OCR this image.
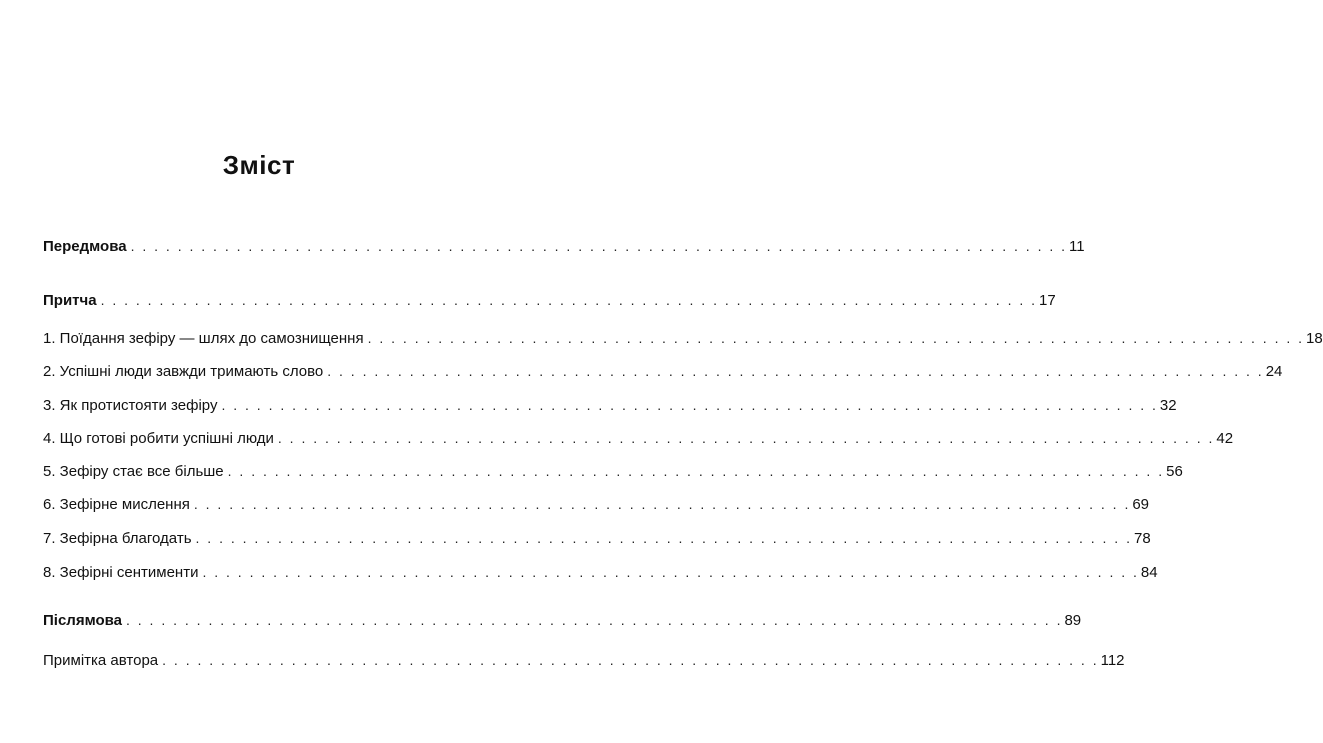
Зміст
Передмова . . . . . . . . . . . . . . . . . . . . . . . . . . . . . . . . . . . . . . . . . . . . . . . . . . . . . . . . . . . . . . . . . . . . . . . . . . . . . . . . 11
Притча . . . . . . . . . . . . . . . . . . . . . . . . . . . . . . . . . . . . . . . . . . . . . . . . . . . . . . . . . . . . . . . . . . . . . . . . . . . . . . . . 17
1. Поїдання зефіру — шлях до самознищення . . . . . . . . . . . . . . . . . . . . . . . . . . . . . . . . . . . . . . . . . . . . . . . . . . . . . . . . . . . . . . . . . . . . . . . . . . . . . . . . 18
2. Успішні люди завжди тримають слово . . . . . . . . . . . . . . . . . . . . . . . . . . . . . . . . . . . . . . . . . . . . . . . . . . . . . . . . . . . . . . . . . . . . . . . . . . . . . . . . 24
3. Як протистояти зефіру . . . . . . . . . . . . . . . . . . . . . . . . . . . . . . . . . . . . . . . . . . . . . . . . . . . . . . . . . . . . . . . . . . . . . . . . . . . . . . . . 32
4. Що готові робити успішні люди . . . . . . . . . . . . . . . . . . . . . . . . . . . . . . . . . . . . . . . . . . . . . . . . . . . . . . . . . . . . . . . . . . . . . . . . . . . . . . . . 42
5. Зефіру стає все більше . . . . . . . . . . . . . . . . . . . . . . . . . . . . . . . . . . . . . . . . . . . . . . . . . . . . . . . . . . . . . . . . . . . . . . . . . . . . . . . . 56
6. Зефірне мислення . . . . . . . . . . . . . . . . . . . . . . . . . . . . . . . . . . . . . . . . . . . . . . . . . . . . . . . . . . . . . . . . . . . . . . . . . . . . . . . . 69
7. Зефірна благодать . . . . . . . . . . . . . . . . . . . . . . . . . . . . . . . . . . . . . . . . . . . . . . . . . . . . . . . . . . . . . . . . . . . . . . . . . . . . . . . . 78
8. Зефірні сентименти . . . . . . . . . . . . . . . . . . . . . . . . . . . . . . . . . . . . . . . . . . . . . . . . . . . . . . . . . . . . . . . . . . . . . . . . . . . . . . . . 84
Післямова . . . . . . . . . . . . . . . . . . . . . . . . . . . . . . . . . . . . . . . . . . . . . . . . . . . . . . . . . . . . . . . . . . . . . . . . . . . . . . . . 89
Примітка автора . . . . . . . . . . . . . . . . . . . . . . . . . . . . . . . . . . . . . . . . . . . . . . . . . . . . . . . . . . . . . . . . . . . . . . . . . . . . . . . . 112
